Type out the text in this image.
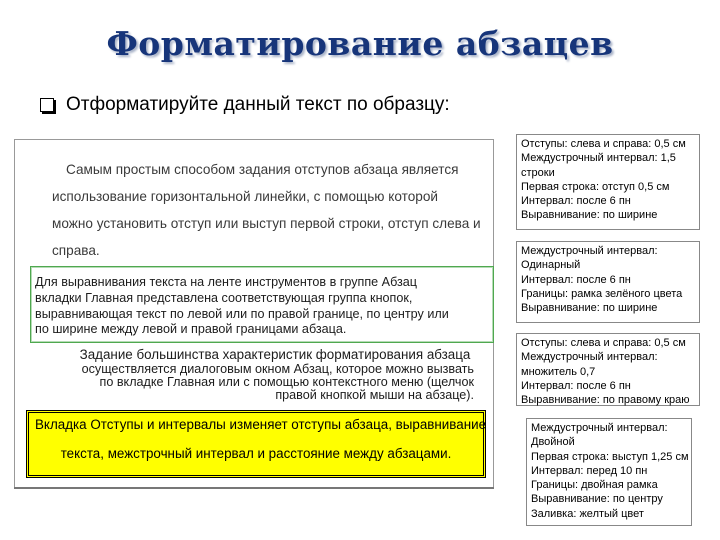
Форматирование абзацев
Отформатируйте данный текст по образцу:
Самым простым способом задания отступов абзаца является
использование горизонтальной линейки, с помощью которой
можно установить отступ или выступ первой строки, отступ слева и
справа.
Для выравнивания текста на ленте инструментов в группе Абзац
вкладки Главная представлена соответствующая группа кнопок,
выравнивающая текст по левой или по правой границе, по центру или
по ширине между левой и правой границами абзаца.
Задание большинства характеристик форматирования абзаца
осуществляется диалоговым окном Абзац, которое можно вызвать
по вкладке Главная или с помощью контекстного меню (щелчок
правой кнопкой мыши на абзаце).
Вкладка Отступы и интервалы изменяет отступы абзаца, выравнивание
текста, межстрочный интервал и расстояние между абзацами.
Отступы: слева и справа: 0,5 см
Междустрочный интервал: 1,5
строки
Первая строка: отступ 0,5 см
Интервал: после 6 пн
Выравнивание: по ширине
Междустрочный интервал:
Одинарный
Интервал: после 6 пн
Границы: рамка зелёного цвета
Выравнивание: по ширине
Отступы: слева и справа: 0,5 см
Междустрочный интервал:
множитель 0,7
Интервал: после 6 пн
Выравнивание: по правому краю
Междустрочный интервал:
Двойной
Первая строка: выступ 1,25 см
Интервал: перед 10 пн
Границы: двойная рамка
Выравнивание: по центру
Заливка: желтый цвет
